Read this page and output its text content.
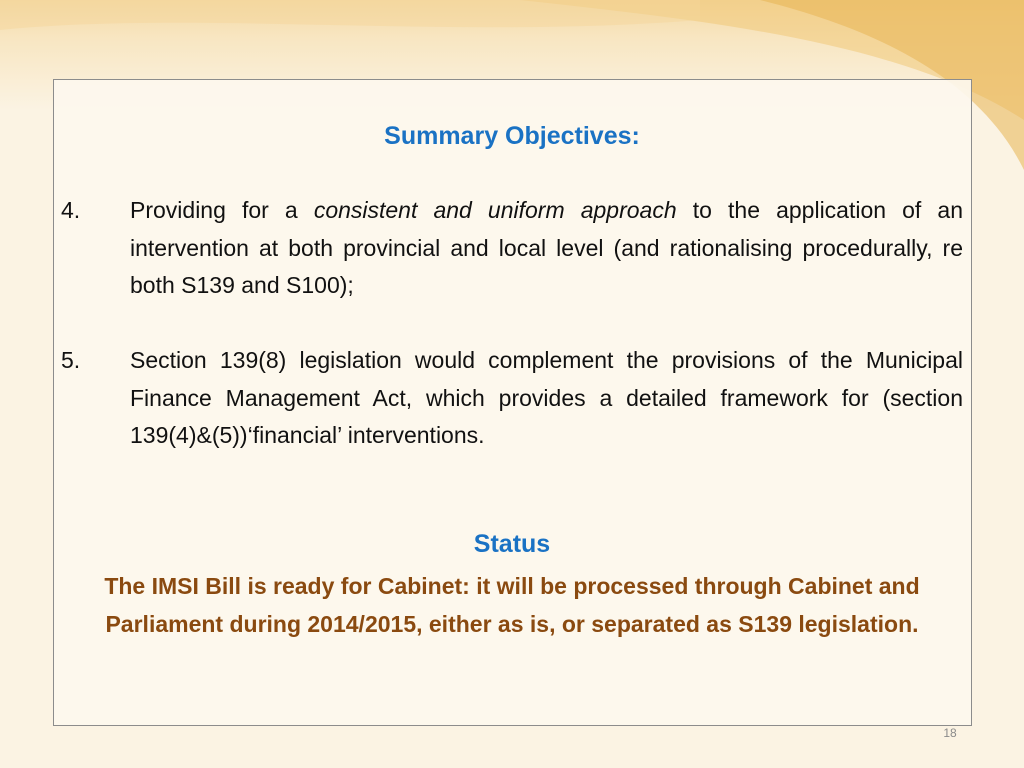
Summary Objectives:
4.	Providing for a consistent and uniform approach to the application of an intervention at both provincial and local level (and rationalising procedurally, re both S139 and S100);
5.	Section 139(8) legislation would complement the provisions of the Municipal Finance Management Act, which provides a detailed framework for (section 139(4)&(5))‘financial’ interventions.
Status

The IMSI Bill is ready for Cabinet: it will be processed through Cabinet and Parliament during 2014/2015, either as is, or separated as S139 legislation.

18
